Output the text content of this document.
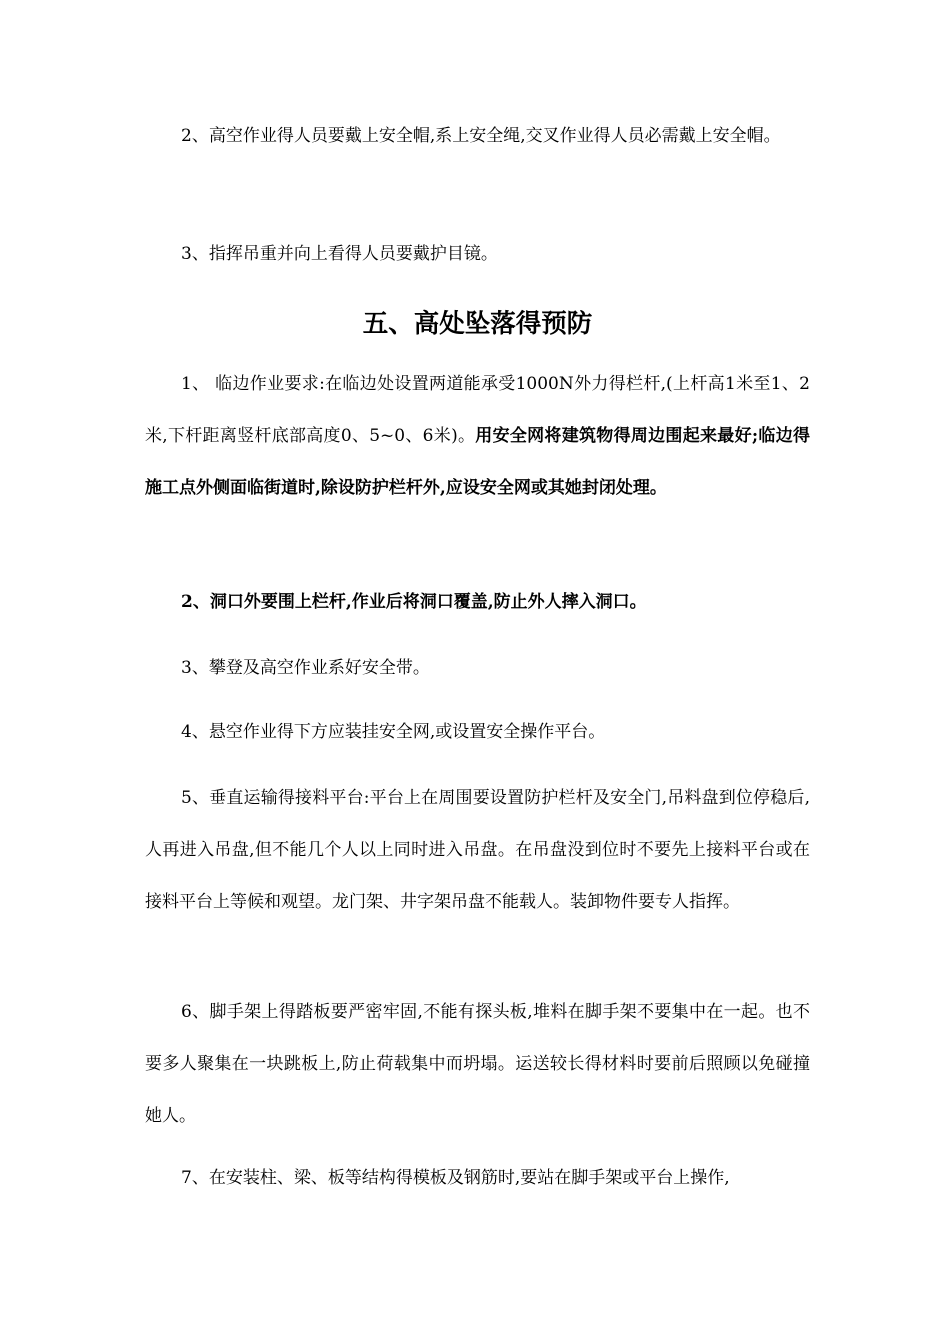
2、高空作业得人员要戴上安全帽,系上安全绳,交叉作业得人员必需戴上安全帽。

3、指挥吊重并向上看得人员要戴护目镜。

五、高处坠落得预防

1、 临边作业要求:在临边处设置两道能承受1000N外力得栏杆,(上杆高1米至1、2米,下杆距离竖杆底部高度0、5~0、6米)。用安全网将建筑物得周边围起来最好;临边得施工点外侧面临街道时,除设防护栏杆外,应设安全网或其她封闭处理。

2、洞口外要围上栏杆,作业后将洞口覆盖,防止外人摔入洞口。

3、攀登及高空作业系好安全带。

4、悬空作业得下方应装挂安全网,或设置安全操作平台。

5、垂直运输得接料平台:平台上在周围要设置防护栏杆及安全门,吊料盘到位停稳后,人再进入吊盘,但不能几个人以上同时进入吊盘。在吊盘没到位时不要先上接料平台或在接料平台上等候和观望。龙门架、井字架吊盘不能载人。装卸物件要专人指挥。

6、脚手架上得踏板要严密牢固,不能有探头板,堆料在脚手架不要集中在一起。也不要多人聚集在一块跳板上,防止荷载集中而坍塌。运送较长得材料时要前后照顾以免碰撞她人。

7、在安装柱、梁、板等结构得模板及钢筋时,要站在脚手架或平台上操作,
